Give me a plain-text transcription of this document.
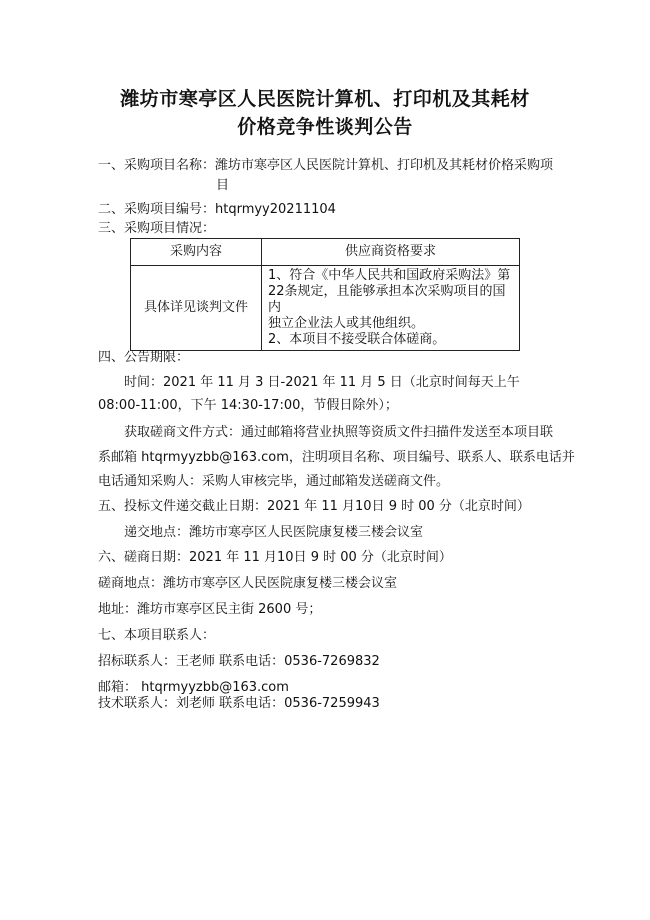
潍坊市寒亭区人民医院计算机、打印机及其耗材
价格竞争性谈判公告
一、采购项目名称：潍坊市寒亭区人民医院计算机、打印机及其耗材价格采购项
目
二、采购项目编号：htqrmyy20211104
三、采购项目情况：
采购内容	供应商资格要求
具体详见谈判文件	1、符合《中华人民共和国政府采购法》第
22条规定，且能够承担本次采购项目的国内
独立企业法人或其他组织。
2、本项目不接受联合体磋商。
四、公告期限：
时间：2021 年 11 月 3 日-2021 年 11 月 5 日（北京时间每天上午
08:00-11:00，下午 14:30-17:00，节假日除外）；
获取磋商文件方式：通过邮箱将营业执照等资质文件扫描件发送至本项目联
系邮箱 htqrmyyzbb@163.com，注明项目名称、项目编号、联系人、联系电话并
电话通知采购人：采购人审核完毕，通过邮箱发送磋商文件。
五、投标文件递交截止日期：2021 年 11 月10日 9 时 00 分（北京时间）
递交地点：潍坊市寒亭区人民医院康复楼三楼会议室
六、磋商日期：2021 年 11 月10日 9 时 00 分（北京时间）
磋商地点：潍坊市寒亭区人民医院康复楼三楼会议室
地址：潍坊市寒亭区民主街 2600 号；
七、本项目联系人：
招标联系人：王老师 联系电话：0536-7269832
邮箱： htqrmyyzbb@163.com
技术联系人：刘老师 联系电话：0536-7259943
